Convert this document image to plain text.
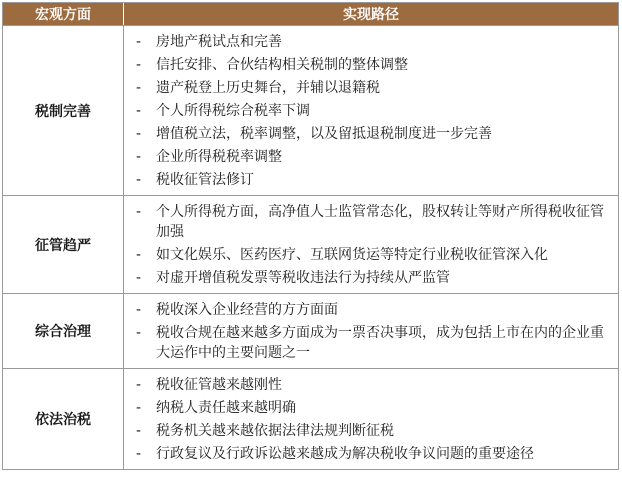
宏观方面	实现路径
税制完善
-	房地产税试点和完善
-	信托安排、合伙结构相关税制的整体调整
-	遗产税登上历史舞台，并辅以退籍税
-	个人所得税综合税率下调
-	增值税立法，税率调整，以及留抵退税制度进一步完善
-	企业所得税税率调整
-	税收征管法修订
征管趋严
-	个人所得税方面，高净值人士监管常态化，股权转让等财产所得税收征管加强
-	如文化娱乐、医药医疗、互联网货运等特定行业税收征管深入化
-	对虚开增值税发票等税收违法行为持续从严监管
综合治理
-	税收深入企业经营的方方面面
-	税收合规在越来越多方面成为一票否决事项，成为包括上市在内的企业重大运作中的主要问题之一
依法治税
-	税收征管越来越刚性
-	纳税人责任越来越明确
-	税务机关越来越依据法律法规判断征税
-	行政复议及行政诉讼越来越成为解决税收争议问题的重要途径
